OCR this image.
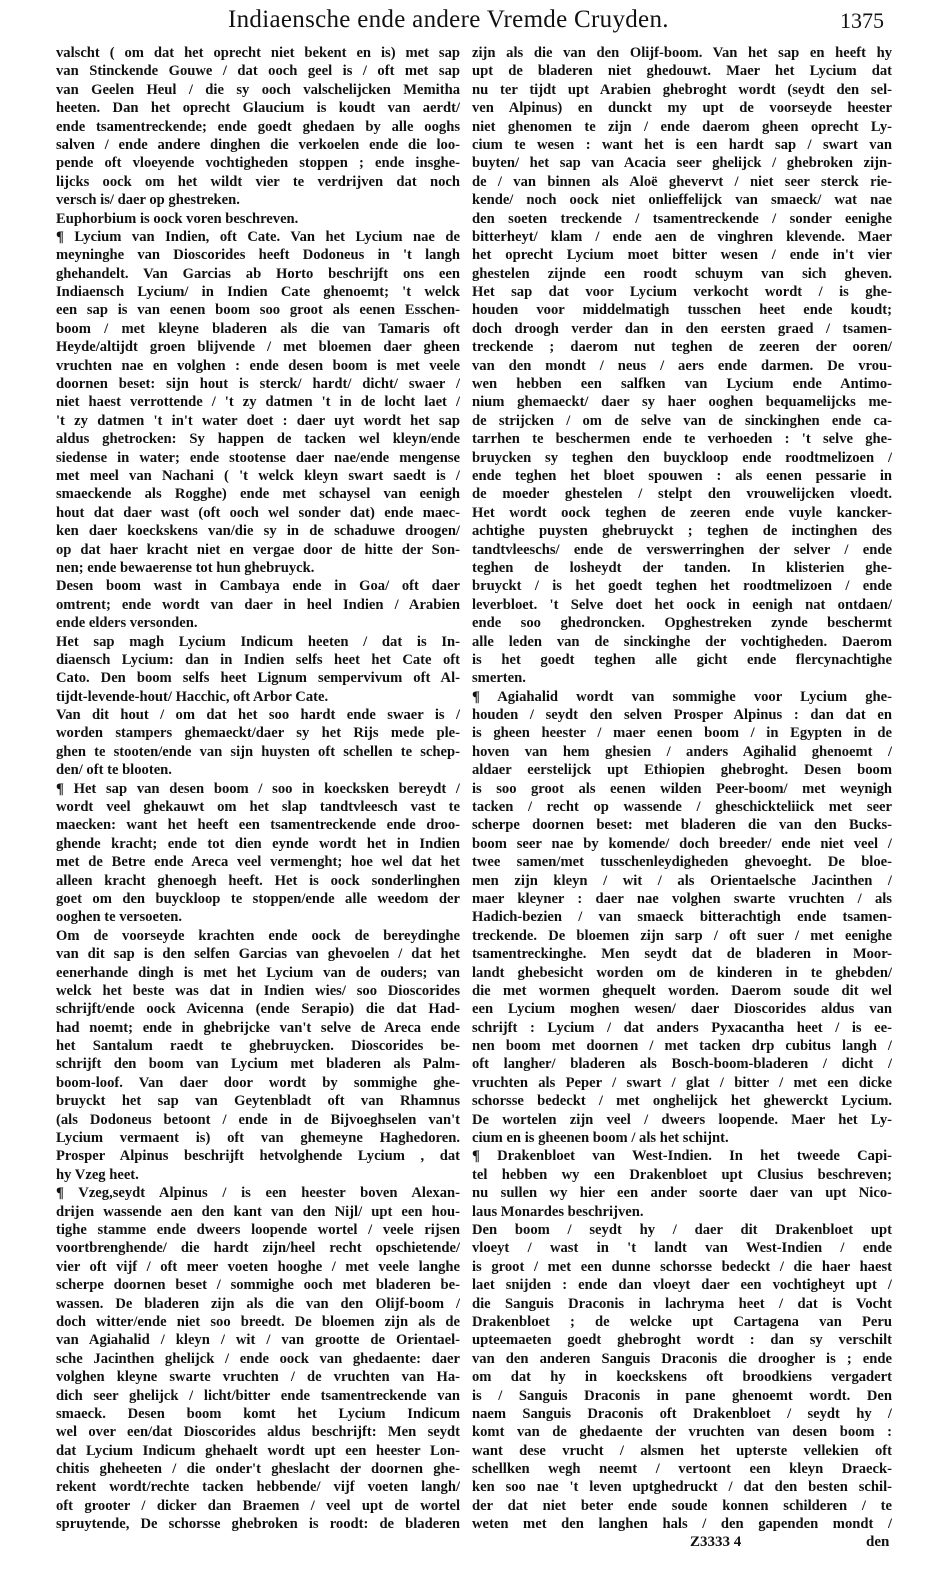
Indiaensche ende andere Vremde Cruyden.	1375
valscht ( om dat het oprecht niet bekent en is) met sap
van Stinckende Gouwe / dat ooch geel is / oft met sap
van Geelen Heul / die sy ooch valschelijcken Memitha
heeten. Dan het oprecht Glaucium is koudt van aerdt/
ende tsamentreckende; ende goedt ghedaen by alle ooghs
salven / ende andere dinghen die verkoelen ende die loo-
pende oft vloeyende vochtigheden stoppen ; ende insghe-
lijcks oock om het wildt vier te verdrijven dat noch
versch is/ daer op ghestreken.
Euphorbium is oock voren beschreven.
¶ Lycium van Indien, oft Cate. Van het Lycium nae de
meyninghe van Dioscorides heeft Dodoneus in 't langh
ghehandelt. Van Garcias ab Horto beschrijft ons een
Indiaensch Lycium/ in Indien Cate ghenoemt; 't welck
een sap is van eenen boom soo groot als eenen Esschen-
boom / met kleyne bladeren als die van Tamaris oft
Heyde/altijdt groen blijvende / met bloemen daer gheen
vruchten nae en volghen : ende desen boom is met veele
doornen beset: sijn hout is sterck/ hardt/ dicht/ swaer /
niet haest verrottende / 't zy datmen 't in de locht laet /
't zy datmen 't in't water doet : daer uyt wordt het sap
aldus ghetrocken: Sy happen de tacken wel kleyn/ende
siedense in water; ende stootense daer nae/ende mengense
met meel van Nachani ( 't welck kleyn swart saedt is /
smaeckende als Rogghe) ende met schaysel van eenigh
hout dat daer wast (oft ooch wel sonder dat) ende maec-
ken daer koeckskens van/die sy in de schaduwe droogen/
op dat haer kracht niet en vergae door de hitte der Son-
nen; ende bewaerense tot hun ghebruyck.
Desen boom wast in Cambaya ende in Goa/ oft daer
omtrent; ende wordt van daer in heel Indien / Arabien
ende elders versonden.
Het sap magh Lycium Indicum heeten / dat is In-
diaensch Lycium: dan in Indien selfs heet het Cate oft
Cato. Den boom selfs heet Lignum sempervivum oft Al-
tijdt-levende-hout/ Hacchic, oft Arbor Cate.
Van dit hout / om dat het soo hardt ende swaer is /
worden stampers ghemaeckt/daer sy het Rijs mede ple-
ghen te stooten/ende van sijn huysten oft schellen te schep-
den/ oft te blooten.
¶ Het sap van desen boom / soo in koecksken bereydt /
wordt veel ghekauwt om het slap tandtvleesch vast te
maecken: want het heeft een tsamentreckende ende droo-
ghende kracht; ende tot dien eynde wordt het in Indien
met de Betre ende Areca veel vermenght; hoe wel dat het
alleen kracht ghenoegh heeft. Het is oock sonderlinghen
goet om den buyckloop te stoppen/ende alle weedom der
ooghen te versoeten.
Om de voorseyde krachten ende oock de bereydinghe
van dit sap is den selfen Garcias van ghevoelen / dat het
eenerhande dingh is met het Lycium van de ouders; van
welck het beste was dat in Indien wies/ soo Dioscorides
schrijft/ende oock Avicenna (ende Serapio) die dat Had-
had noemt; ende in ghebrijcke van't selve de Areca ende
het Santalum raedt te ghebruycken. Dioscorides be-
schrijft den boom van Lycium met bladeren als Palm-
boom-loof. Van daer door wordt by sommighe ghe-
bruyckt het sap van Geytenbladt oft van Rhamnus
(als Dodoneus betoont / ende in de Bijvoeghselen van't
Lycium vermaent is) oft van ghemeyne Haghedoren.
Prosper Alpinus beschrijft hetvolghende Lycium , dat
hy Vzeg heet.
¶ Vzeg,seydt Alpinus / is een heester boven Alexan-
drijen wassende aen den kant van den Nijl/ upt een hou-
tighe stamme ende dweers loopende wortel / veele rijsen
voortbrenghende/ die hardt zijn/heel recht opschietende/
vier oft vijf / oft meer voeten hooghe / met veele langhe
scherpe doornen beset / sommighe ooch met bladeren be-
wassen. De bladeren zijn als die van den Olijf-boom /
doch witter/ende niet soo breedt. De bloemen zijn als de
van Agiahalid / kleyn / wit / van grootte de Orientael-
sche Jacinthen ghelijck / ende oock van ghedaente: daer
volghen kleyne swarte vruchten / de vruchten van Ha-
dich seer ghelijck / licht/bitter ende tsamentreckende van
smaeck. Desen boom komt het Lycium Indicum
wel over een/dat Dioscorides aldus beschrijft: Men seydt
dat Lycium Indicum ghehaelt wordt upt een heester Lon-
chitis gheheeten / die onder't gheslacht der doornen ghe-
rekent wordt/rechte tacken hebbende/ vijf voeten langh/
oft grooter / dicker dan Braemen / veel upt de wortel
spruytende, De schorsse ghebroken is roodt: de bladeren
zijn als die van den Olijf-boom. Van het sap en heeft hy
upt de bladeren niet ghedouwt. Maer het Lycium dat
nu ter tijdt upt Arabien ghebroght wordt (seydt den sel-
ven Alpinus) en dunckt my upt de voorseyde heester
niet ghenomen te zijn / ende daerom gheen oprecht Ly-
cium te wesen : want het is een hardt sap / swart van
buyten/ het sap van Acacia seer ghelijck / ghebroken zijn-
de / van binnen als Aloë ghevervt / niet seer sterck rie-
kende/ noch oock niet onlieffelijck van smaeck/ wat nae
den soeten treckende / tsamentreckende / sonder eenighe
bitterheyt/ klam / ende aen de vinghren klevende. Maer
het oprecht Lycium moet bitter wesen / ende in't vier
ghestelen zijnde een roodt schuym van sich gheven.
Het sap dat voor Lycium verkocht wordt / is ghe-
houden voor middelmatigh tusschen heet ende koudt;
doch droogh verder dan in den eersten graed / tsamen-
treckende ; daerom nut teghen de zeeren der ooren/
van den mondt / neus / aers ende darmen. De vrou-
wen hebben een salfken van Lycium ende Antimo-
nium ghemaeckt/ daer sy haer ooghen bequamelijcks me-
de strijcken / om de selve van de sinckinghen ende ca-
tarrhen te beschermen ende te verhoeden : 't selve ghe-
bruycken sy teghen den buyckloop ende roodtmelizoen /
ende teghen het bloet spouwen : als eenen pessarie in
de moeder ghestelen / stelpt den vrouwelijcken vloedt.
Het wordt oock teghen de zeeren ende vuyle kancker-
achtighe puysten ghebruyckt ; teghen de inctinghen des
tandtvleeschs/ ende de verswerringhen der selver / ende
teghen de losheydt der tanden. In klisterien ghe-
bruyckt / is het goedt teghen het roodtmelizoen / ende
leverbloet. 't Selve doet het oock in eenigh nat ontdaen/
ende soo ghedroncken. Opghestreken zynde beschermt
alle leden van de sinckinghe der vochtigheden. Daerom
is het goedt teghen alle gicht ende flercynachtighe
smerten.
¶ Agiahalid wordt van sommighe voor Lycium ghe-
houden / seydt den selven Prosper Alpinus : dan dat en
is gheen heester / maer eenen boom / in Egypten in de
hoven van hem ghesien / anders Agihalid ghenoemt /
aldaer eerstelijck upt Ethiopien ghebroght. Desen boom
is soo groot als eenen wilden Peer-boom/ met weynigh
tacken / recht op wassende / gheschickteliick met seer
scherpe doornen beset: met bladeren die van den Bucks-
boom seer nae by komende/ doch breeder/ ende niet veel /
twee samen/met tusschenleydigheden ghevoeght. De bloe-
men zijn kleyn / wit / als Orientaelsche Jacinthen /
maer kleyner : daer nae volghen swarte vruchten / als
Hadich-bezien / van smaeck bitterachtigh ende tsamen-
treckende. De bloemen zijn sarp / oft suer / met eenighe
tsamentreckinghe. Men seydt dat de bladeren in Moor-
landt ghebesicht worden om de kinderen in te ghebden/
die met wormen ghequelt worden. Daerom soude dit wel
een Lycium moghen wesen/ daer Dioscorides aldus van
schrijft : Lycium / dat anders Pyxacantha heet / is ee-
nen boom met doornen / met tacken drp cubitus langh /
oft langher/ bladeren als Bosch-boom-bladeren / dicht /
vruchten als Peper / swart / glat / bitter / met een dicke
schorsse bedeckt / met onghelijck het ghewerckt Lycium.
De wortelen zijn veel / dweers loopende. Maer het Ly-
cium en is gheenen boom / als het schijnt.
¶ Drakenbloet van West-Indien. In het tweede Capi-
tel hebben wy een Drakenbloet upt Clusius beschreven;
nu sullen wy hier een ander soorte daer van upt Nico-
laus Monardes beschrijven.
Den boom / seydt hy / daer dit Drakenbloet upt
vloeyt / wast in 't landt van West-Indien / ende
is groot / met een dunne schorsse bedeckt / die haer haest
laet snijden : ende dan vloeyt daer een vochtigheyt upt /
die Sanguis Draconis in lachryma heet / dat is Vocht
Drakenbloet ; de welcke upt Cartagena van Peru
upteemaeten goedt ghebroght wordt : dan sy verschilt
van den anderen Sanguis Draconis die droogher is ; ende
om dat hy in koeckskens oft broodkiens vergadert
is / Sanguis Draconis in pane ghenoemt wordt. Den
naem Sanguis Draconis oft Drakenbloet / seydt hy /
komt van de ghedaente der vruchten van desen boom :
want dese vrucht / alsmen het upterste vellekien oft
schellken wegh neemt / vertoont een kleyn Draeck-
ken soo nae 't leven uptghedruckt / dat den besten schil-
der dat niet beter ende soude konnen schilderen / te
weten met den langhen hals / den gapenden mondt /
Z3333 4	den
